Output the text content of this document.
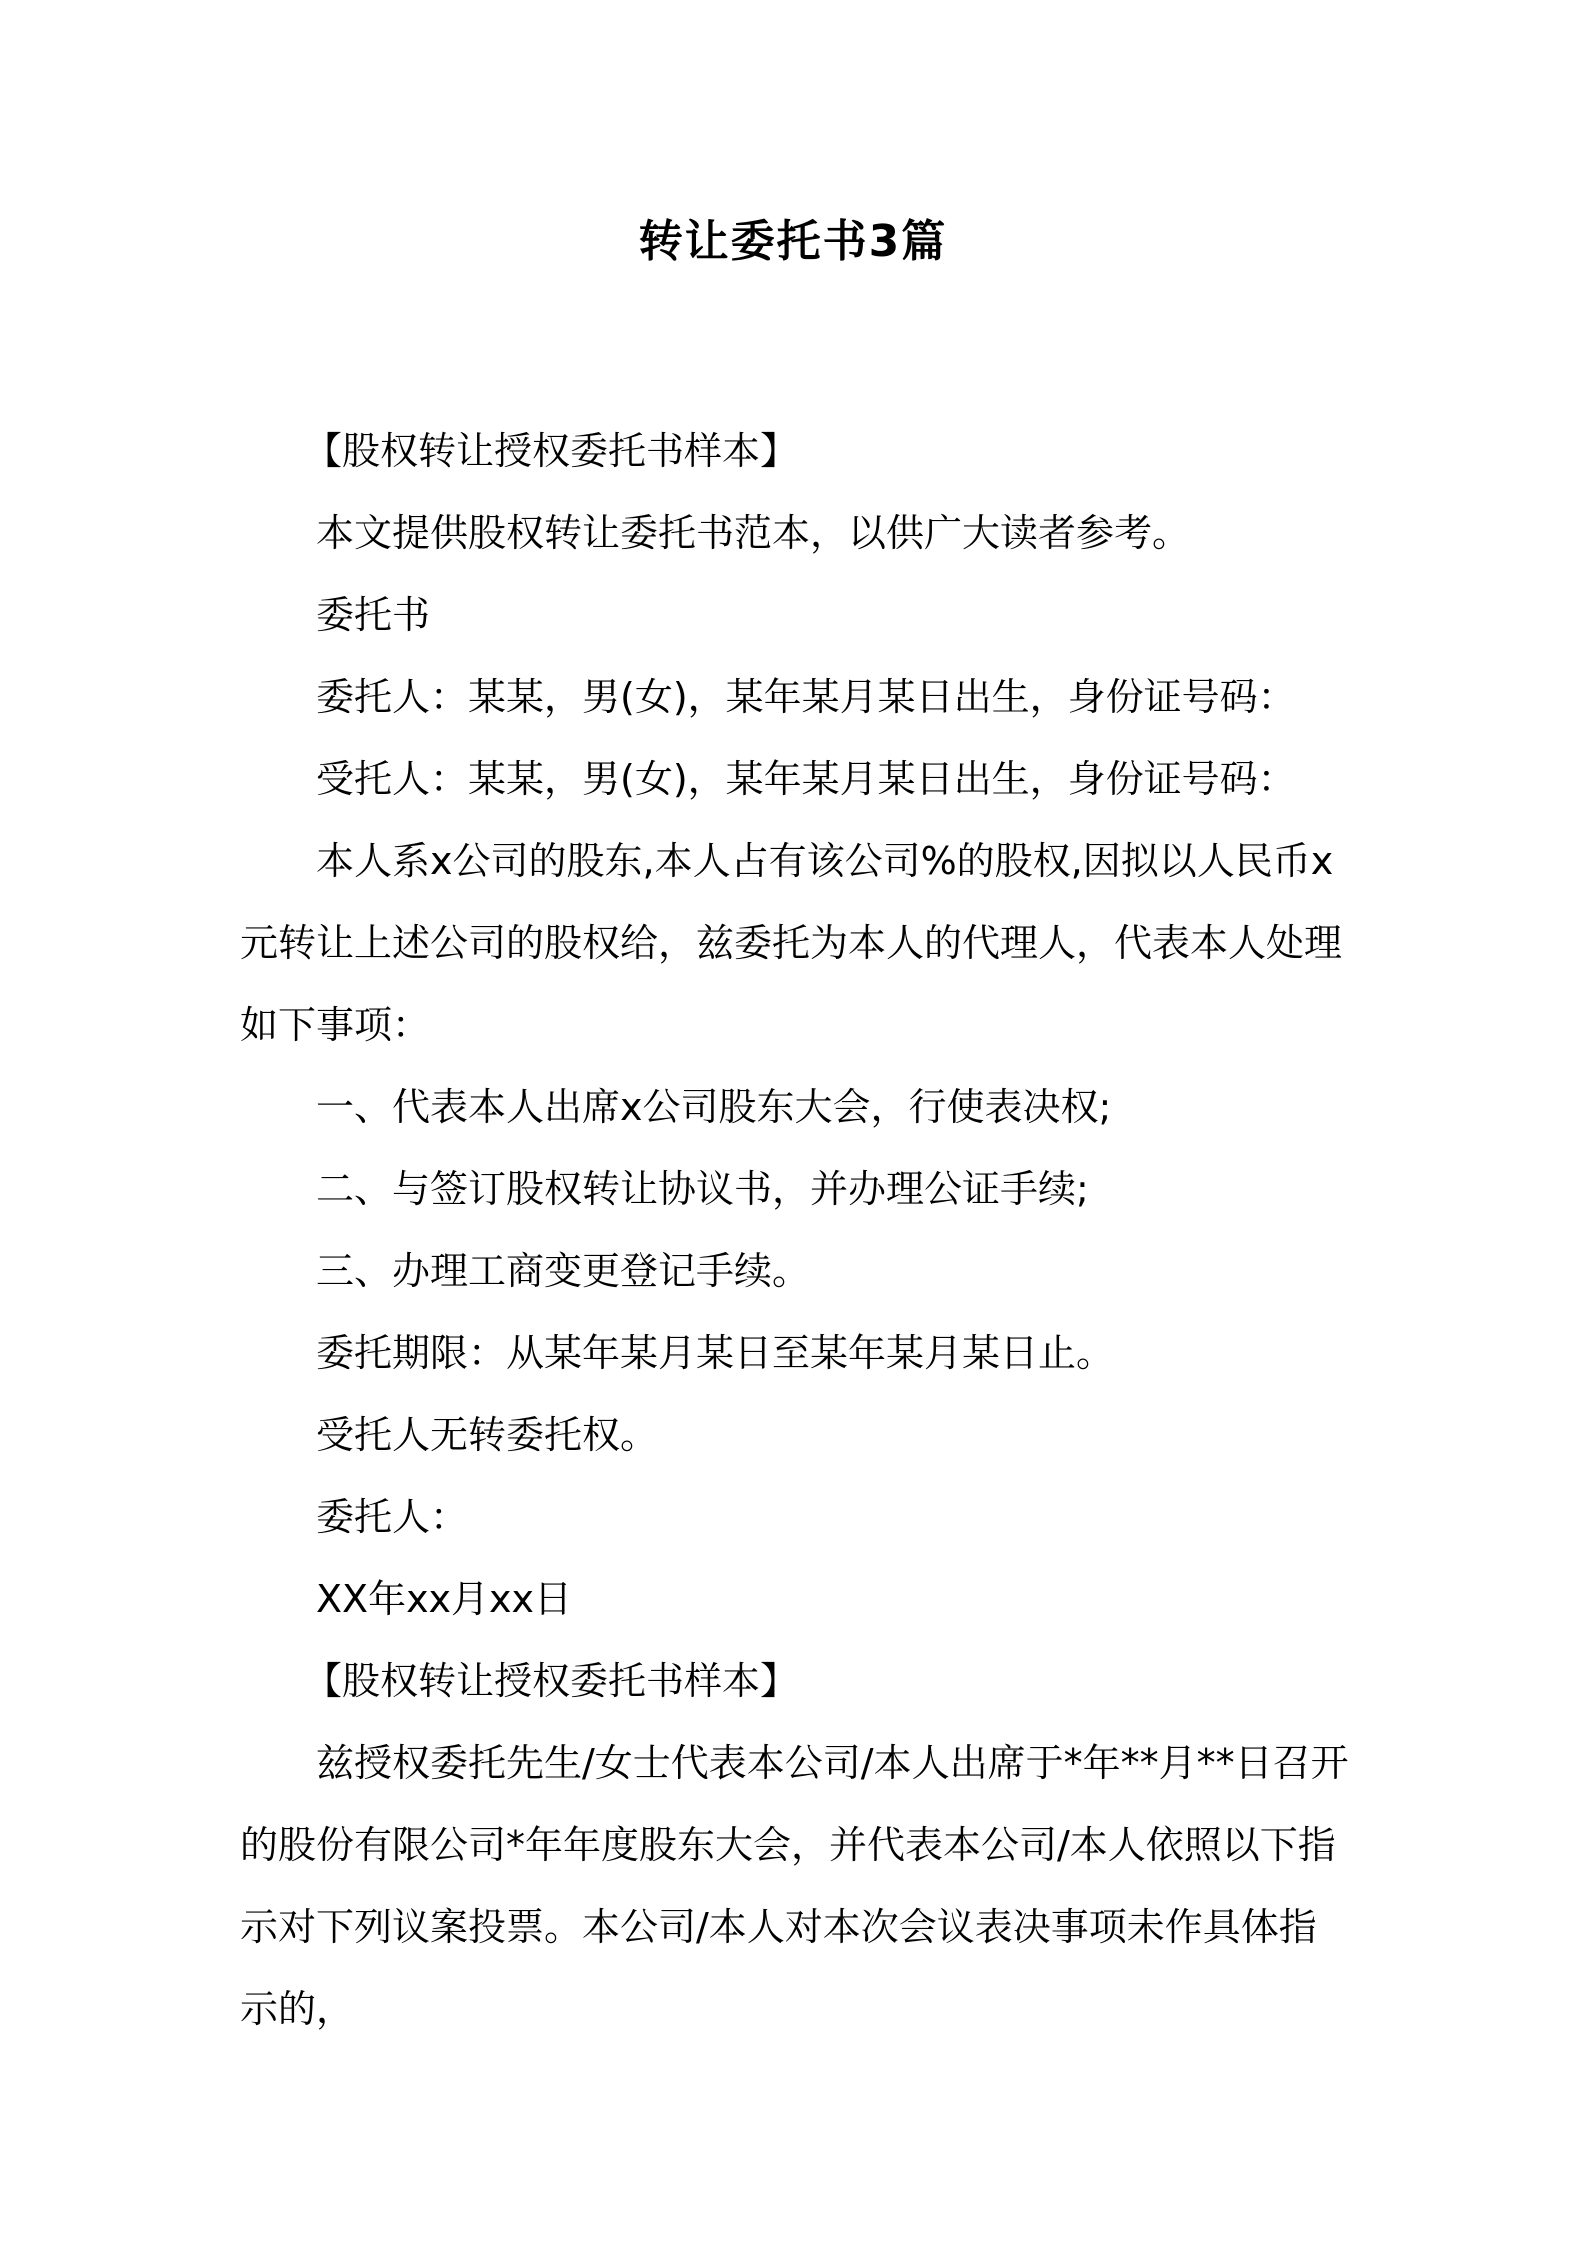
转让委托书3篇

【股权转让授权委托书样本】

本文提供股权转让委托书范本，以供广大读者参考。

委托书

委托人：某某，男(女)，某年某月某日出生，身份证号码：

受托人：某某，男(女)，某年某月某日出生，身份证号码：

本人系x公司的股东,本人占有该公司%的股权,因拟以人民币x元转让上述公司的股权给，兹委托为本人的代理人，代表本人处理如下事项：

一、代表本人出席x公司股东大会，行使表决权;

二、与签订股权转让协议书，并办理公证手续;

三、办理工商变更登记手续。

委托期限：从某年某月某日至某年某月某日止。

受托人无转委托权。

委托人：

XX年xx月xx日

【股权转让授权委托书样本】

兹授权委托先生/女士代表本公司/本人出席于*年**月**日召开的股份有限公司*年年度股东大会，并代表本公司/本人依照以下指示对下列议案投票。本公司/本人对本次会议表决事项未作具体指示的，
